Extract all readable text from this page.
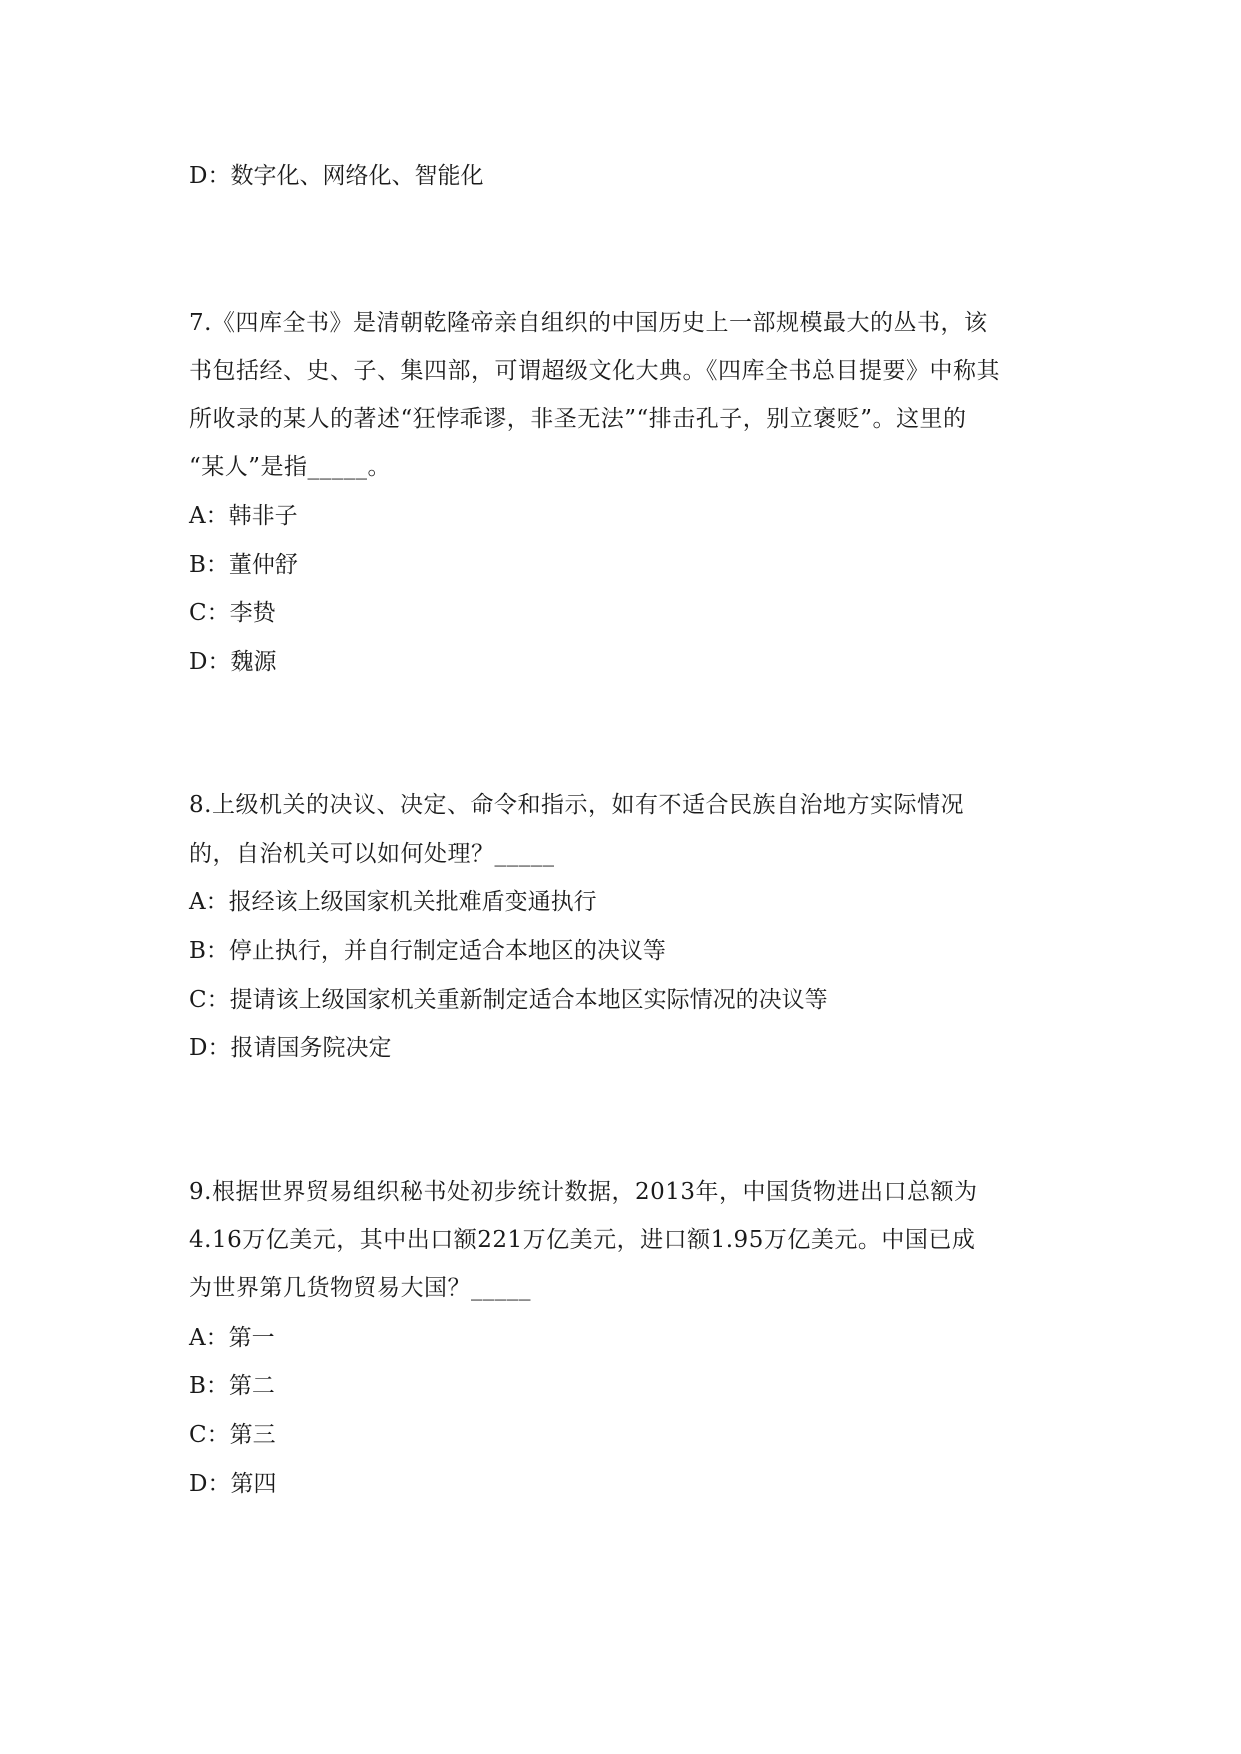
D：数字化、网络化、智能化
7.《四库全书》是清朝乾隆帝亲自组织的中国历史上一部规模最大的丛书，该
书包括经、史、子、集四部，可谓超级文化大典。《四库全书总目提要》中称其
所收录的某人的著述“狂悖乖谬，非圣无法”“排击孔子，别立褒贬”。这里的
“某人”是指_____。
A：韩非子
B：董仲舒
C：李贽
D：魏源
8.上级机关的决议、决定、命令和指示，如有不适合民族自治地方实际情况
的，自治机关可以如何处理？_____
A：报经该上级国家机关批难盾变通执行
B：停止执行，并自行制定适合本地区的决议等
C：提请该上级国家机关重新制定适合本地区实际情况的决议等
D：报请国务院决定
9.根据世界贸易组织秘书处初步统计数据，2013年，中国货物进出口总额为
4.16万亿美元，其中出口额221万亿美元，进口额1.95万亿美元。中国已成
为世界第几货物贸易大国？_____
A：第一
B：第二
C：第三
D：第四
